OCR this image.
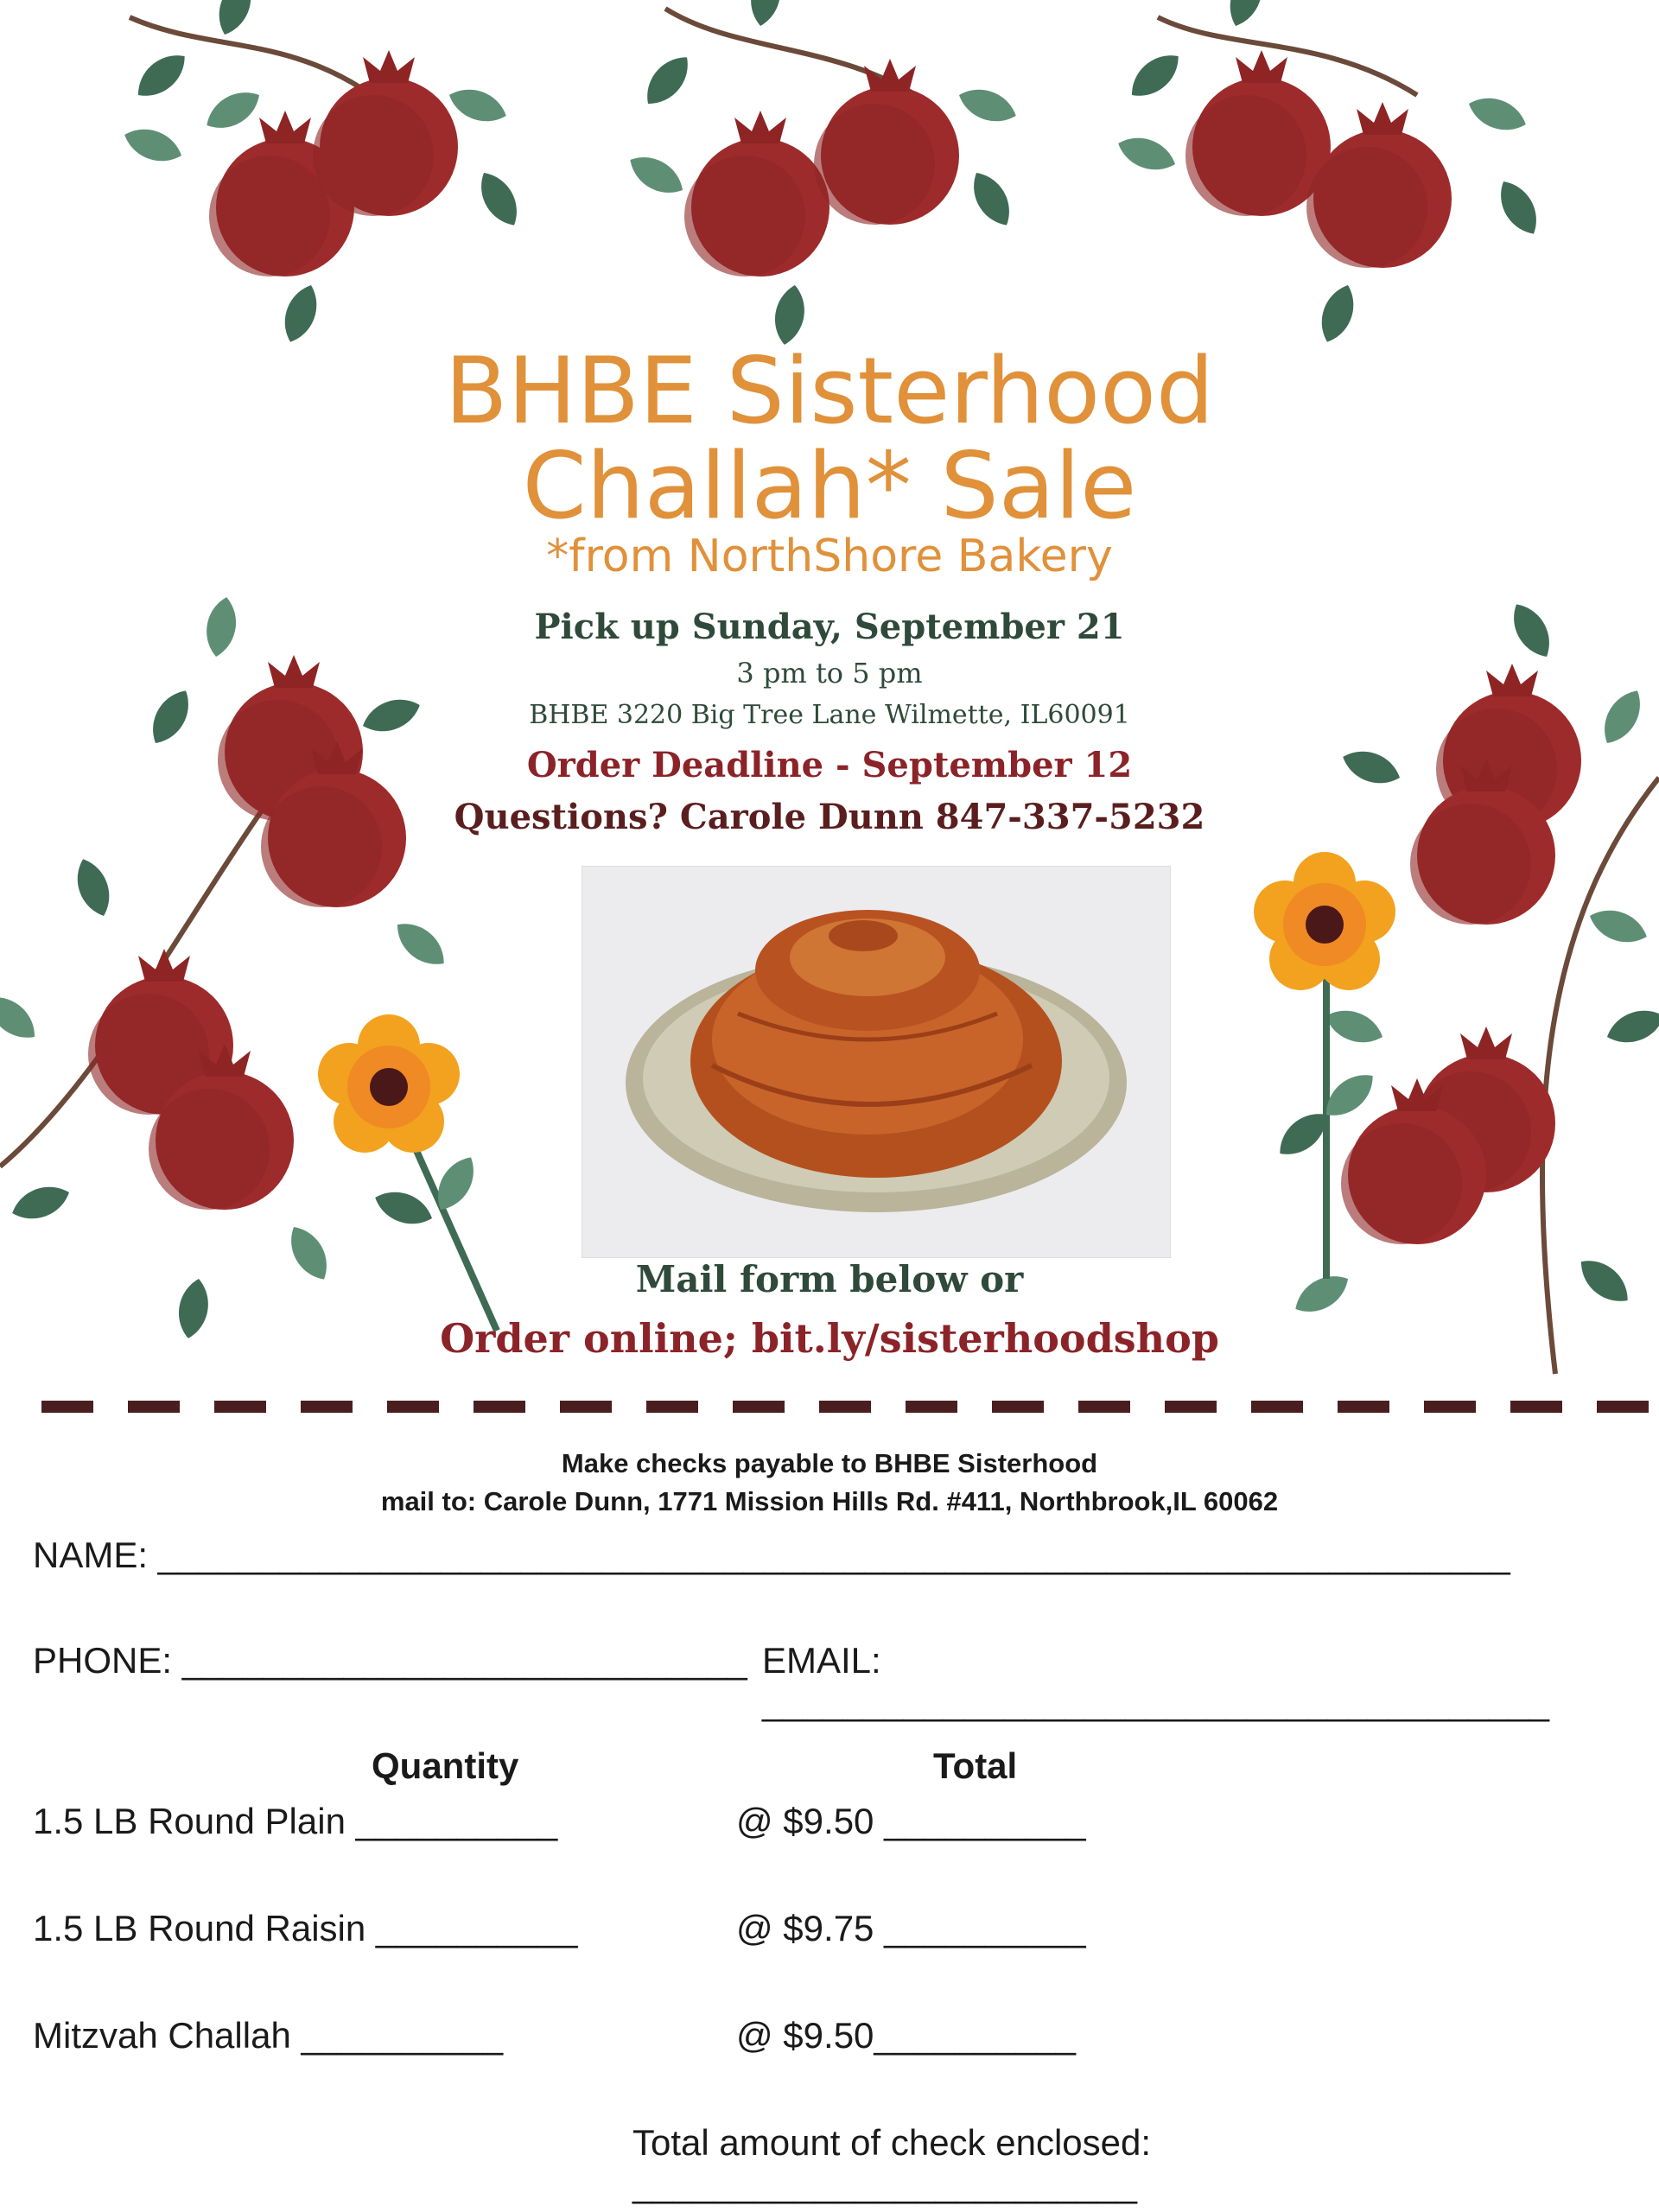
BHBE Sisterhood
Challah* Sale
*from NorthShore Bakery
Pick up Sunday, September 21
3 pm to 5 pm
BHBE 3220 Big Tree Lane Wilmette, IL60091
Order Deadline - September 12
Questions? Carole Dunn 847-337-5232
Mail form below or
Order online; bit.ly/sisterhoodshop
Make checks payable to BHBE Sisterhood
mail to: Carole Dunn, 1771 Mission Hills Rd. #411, Northbrook,IL 60062
NAME: ___________________________________________________________________
PHONE: ____________________________ EMAIL: _______________________________________
Quantity	Total
1.5 LB Round Plain __________	@ $9.50 __________
1.5 LB Round Raisin __________	@ $9.75 __________
Mitzvah Challah __________	@ $9.50__________
Total amount of check enclosed: _________________________
